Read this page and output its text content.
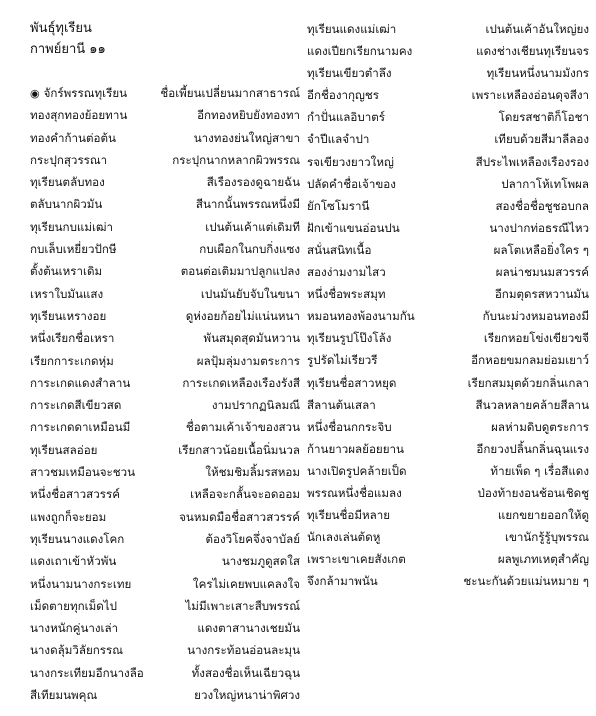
พันธุ์ทุเรียน
กาพย์ยานี ๑๑
◉ จักร์พรรณทุเรียน	ชื่อเพี้ยนเปลี่ยนมากสาธารณ์
ทองสุกทองย้อยทาน	อีกทองหยิบยังทองทา
ทองคำก้านต่อต้น	นางทองย่นใหญ่สาขา
กระปุกสุวรรณา	กระปุกนากหลากผิวพรรณ
ทุเรียนตลับทอง	สีเรืองรองดูฉายฉัน
ตลับนากผิวมัน	สีนากนั้นพรรณหนึ่งมี
ทุเรียนกบแม่เฒ่า	เปนต้นเค้าแต่เดิมที
กบเล็บเหยี่ยวปักษี	กบเผือกในกบกิ่งแซง
ตั้งต้นเหราเดิม	ตอนต่อเติมมาปลูกแปลง
เหราใบมันแสง	เปนมันยับจับในขนา
ทุเรียนเหรางอย	ดูห่งอยก้อยไม่แน่นหนา
หนึ่งเรียกชื่อเหรา	พันสมุดสุดมันหวาน
เรียกการะเกดหุ่ม	ผลปุ้มลุ่มงามตระการ
การะเกดแดงสำลาน	การะเกดเหลืองเรืองรังสี
การะเกดสีเขียวสด	งามปรากฏนิลมณี
การะเกดดาเหมือนมี	ชื่อตามเค้าเจ้าของสวน
ทุเรียนสลอ่อย	เรียกสาวน้อยเนื้อนิ่มนวล
สาวชมเหมือนจะชวน	ให้ชมชิมลิ้มรสหอม
หนึ่งชื่อสาวสวรรค์	เหลือจะกลั้นจะอดออม
แพงถูกก็จะยอม	จนหมดมือชื่อสาวสวรรค์
ทุเรียนนางแดงโคก	ต้องวิโยคจึ่งจาบัลย์
แดงเถาเข้าหัวพัน	นางชมภูดูสดใส
หนึ่งนามนางกระเทย	ใครไม่เคยพบแคลงใจ
เม็ดตายทุกเม็ดไป	ไม่มีเพาะเสาะสืบพรรณ์
นางหนักคู่นางเล่า	แดงตาสานางเชยมัน
นางดลุ้มวิลัยกรรณ	นางกระท้อนอ่อนละมุน
นางกระเทียมอีกนางลือ	ทั้งสองชื่อเห็นเฉียวฉุน
สีเทียมนพคุณ	ยวงใหญ่หนาน่าพิศวง
ทุเรียนแดงแม่เฒ่า	เปนต้นเค้าอันใหญ่ยง
แดงเปียกเรียกนามคง	แดงช่างเชียนทุเรียนจร
ทุเรียนเขียวตำลึง	ทุเรียนหนึ่งนามมังกร
อีกชื่องากุญชร	เพราะเหลืองอ่อนดุจสีงา
กำปั่นแลอิบาตร์	โดยรสชาติก็โอชา
จำปีแลจำปา	เทียบด้วยสีมาลีลอง
รจเขียวงยาวใหญ่	สีประไพเหลืองเรืองรอง
ปลัดคำชื่อเจ้าของ	ปลากาโห้เทโพผล
ยักโซโมรานี	สองชื่อชื่อชูชอบกล
ฝักเข้าแขนอ่อนปน	นางปากท่อธรณีไหว
สนั่นสนิทเนื้อ	ผลโตเหลือยิ่งใคร ๆ
สองง่ามงามไสว	ผลน่าชมนมสวรรค์
หนึ่งชื่อพระสมุท	อีกมตุดรสหวานมัน
หมอนทองพ้องนามกัน	กับนะม่วงหมอนทองมี
ทุเรียนรูปโป๊งโล้ง	เรียกหอยโข่งเขียวขจี
รูปรัดไม่เรียวรี	อีกหอยขมกลมย่อมเยาว์
ทุเรียนชื่อสาวหยุด	เรียกสมมุตด้วยกลิ่นเกลา
สีลานต้นเสลา	สีนวลหลายคล้ายสีลาน
หนึ่งชื่อนกกระจิบ	ผลห่ามดิบดูตระการ
ก้านยาวผลย้อยยาน	อีกยวงปลิ้นกลิ่นฉุนแรง
นางเปิดรูปคล้ายเป็ด	ท้ายเพ็ด ๆ เรื่อสีแดง
พรรณหนึ่งชื่อแมลง	ป่องท้ายงอนช้อนเชิดชู
ทุเรียนชื่อมีหลาย	แยกขยายออกให้ดู
นักเลงเล่นต้ดหู	เขานักรู้รู้บุพรรณ
เพราะเขาเคยสังเกต	ผลพูเภทเหตุสำคัญ
จึงกล้ามาพนัน	ชะนะกันด้วยแม่นหมาย ๆ
